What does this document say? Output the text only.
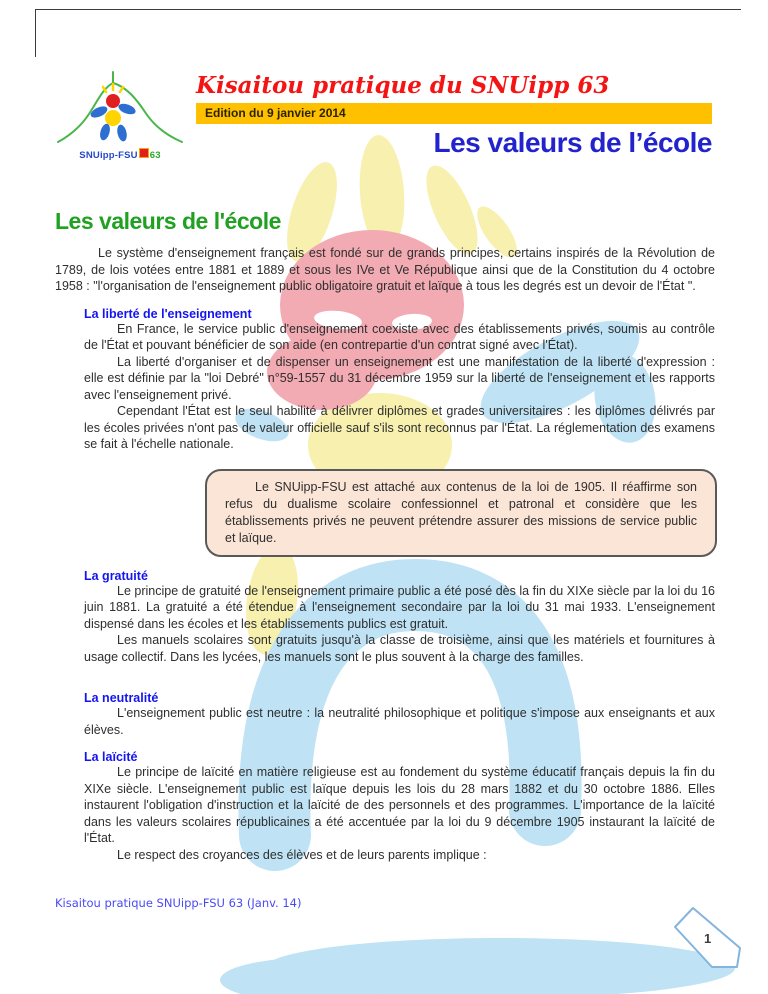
SNUipp-FSU 63
Kisaitou pratique du SNUipp 63
Edition du 9 janvier 2014
Les valeurs de l’école
Les valeurs de l'école

Le système d'enseignement français est fondé sur de grands principes, certains inspirés de la Révolution de 1789, de lois votées entre 1881 et 1889 et sous les IVe et Ve République ainsi que de la Constitution du 4 octobre 1958 : "l'organisation de l'enseignement public obligatoire gratuit et laïque à tous les degrés est un devoir de l'État ".

La liberté de l'enseignement

En France, le service public d'enseignement coexiste avec des établissements privés, soumis au contrôle de l'État et pouvant bénéficier de son aide (en contrepartie d'un contrat signé avec l'État).

La liberté d'organiser et de dispenser un enseignement est une manifestation de la liberté d'expression : elle est définie par la "loi Debré" n°59-1557 du 31 décembre 1959 sur la liberté de l'enseignement et les rapports avec l'enseignement privé.

Cependant l'État est le seul habilité à délivrer diplômes et grades universitaires : les diplômes délivrés par les écoles privées n'ont pas de valeur officielle sauf s'ils sont reconnus par l'État. La réglementation des examens se fait à l'échelle nationale.

Le SNUipp-FSU est attaché aux contenus de la loi de 1905. Il réaffirme son refus du dualisme scolaire confessionnel et patronal et considère que les établissements privés ne peuvent prétendre assurer des missions de service public et laïque.

La gratuité

Le principe de gratuité de l'enseignement primaire public a été posé dès la fin du XIXe siècle par la loi du 16 juin 1881. La gratuité a été étendue à l'enseignement secondaire par la loi du 31 mai 1933. L'enseignement dispensé dans les écoles et les établissements publics est gratuit.

Les manuels scolaires sont gratuits jusqu'à la classe de troisième, ainsi que les matériels et fournitures à usage collectif. Dans les lycées, les manuels sont le plus souvent à la charge des familles.

La neutralité

L'enseignement public est neutre : la neutralité philosophique et politique s'impose aux enseignants et aux élèves.

La laïcité

Le principe de laïcité en matière religieuse est au fondement du système éducatif français depuis la fin du XIXe siècle. L'enseignement public est laïque depuis les lois du 28 mars 1882 et du 30 octobre 1886. Elles instaurent l'obligation d'instruction et la laïcité de des personnels et des programmes. L'importance de la laïcité dans les valeurs scolaires républicaines a été accentuée par la loi du 9 décembre 1905 instaurant la laïcité de l'État.

Le respect des croyances des élèves et de leurs parents implique :

Kisaitou pratique SNUipp-FSU 63 (Janv. 14)
1
